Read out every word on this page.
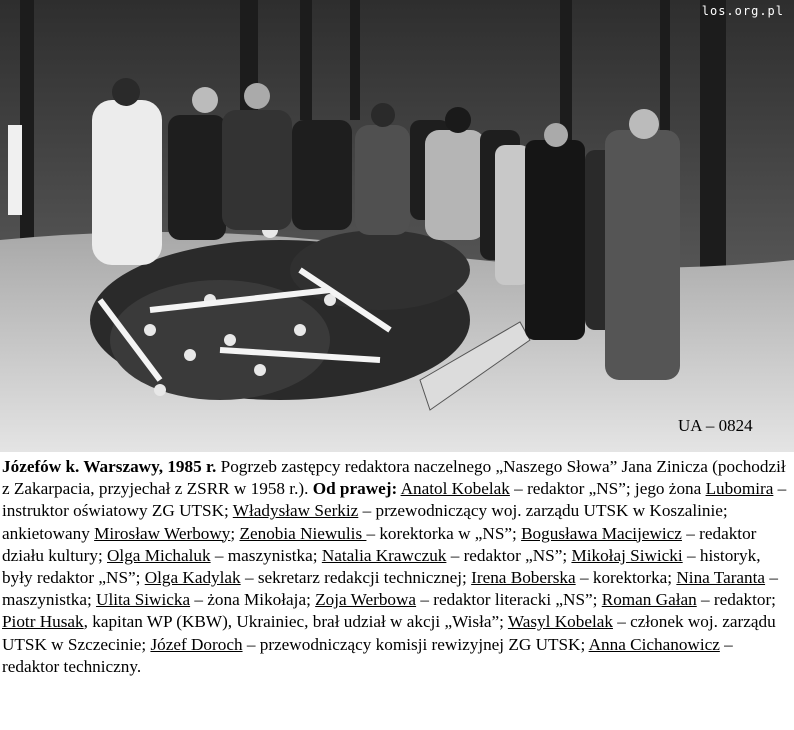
los.org.pl
UA – 0824

Józefów k. Warszawy, 1985 r. Pogrzeb zastępcy redaktora naczelnego „Naszego Słowa” Jana Zinicza (pochodził z Zakarpacia, przyjechał z ZSRR w 1958 r.). Od prawej: Anatol Kobelak – redaktor „NS”; jego żona Lubomira – instruktor oświatowy ZG UTSK; Władysław Serkiz – przewodniczący woj. zarządu UTSK w Koszalinie; ankietowany Mirosław Werbowy; Zenobia Niewulis – korektorka w „NS”; Bogusława Macijewicz – redaktor działu kultury; Olga Michaluk – maszynistka; Natalia Krawczuk – redaktor „NS”; Mikołaj Siwicki – historyk, były redaktor „NS”; Olga Kadylak – sekretarz redakcji technicznej; Irena Boberska – korektorka; Nina Taranta – maszynistka; Ulita Siwicka – żona Mikołaja; Zoja Werbowa – redaktor literacki „NS”; Roman Gałan – redaktor; Piotr Husak, kapitan WP (KBW), Ukrainiec, brał udział w akcji „Wisła”; Wasyl Kobelak – członek woj. zarządu UTSK w Szczecinie; Józef Doroch – przewodniczący komisji rewizyjnej ZG UTSK; Anna Cichanowicz – redaktor techniczny.
